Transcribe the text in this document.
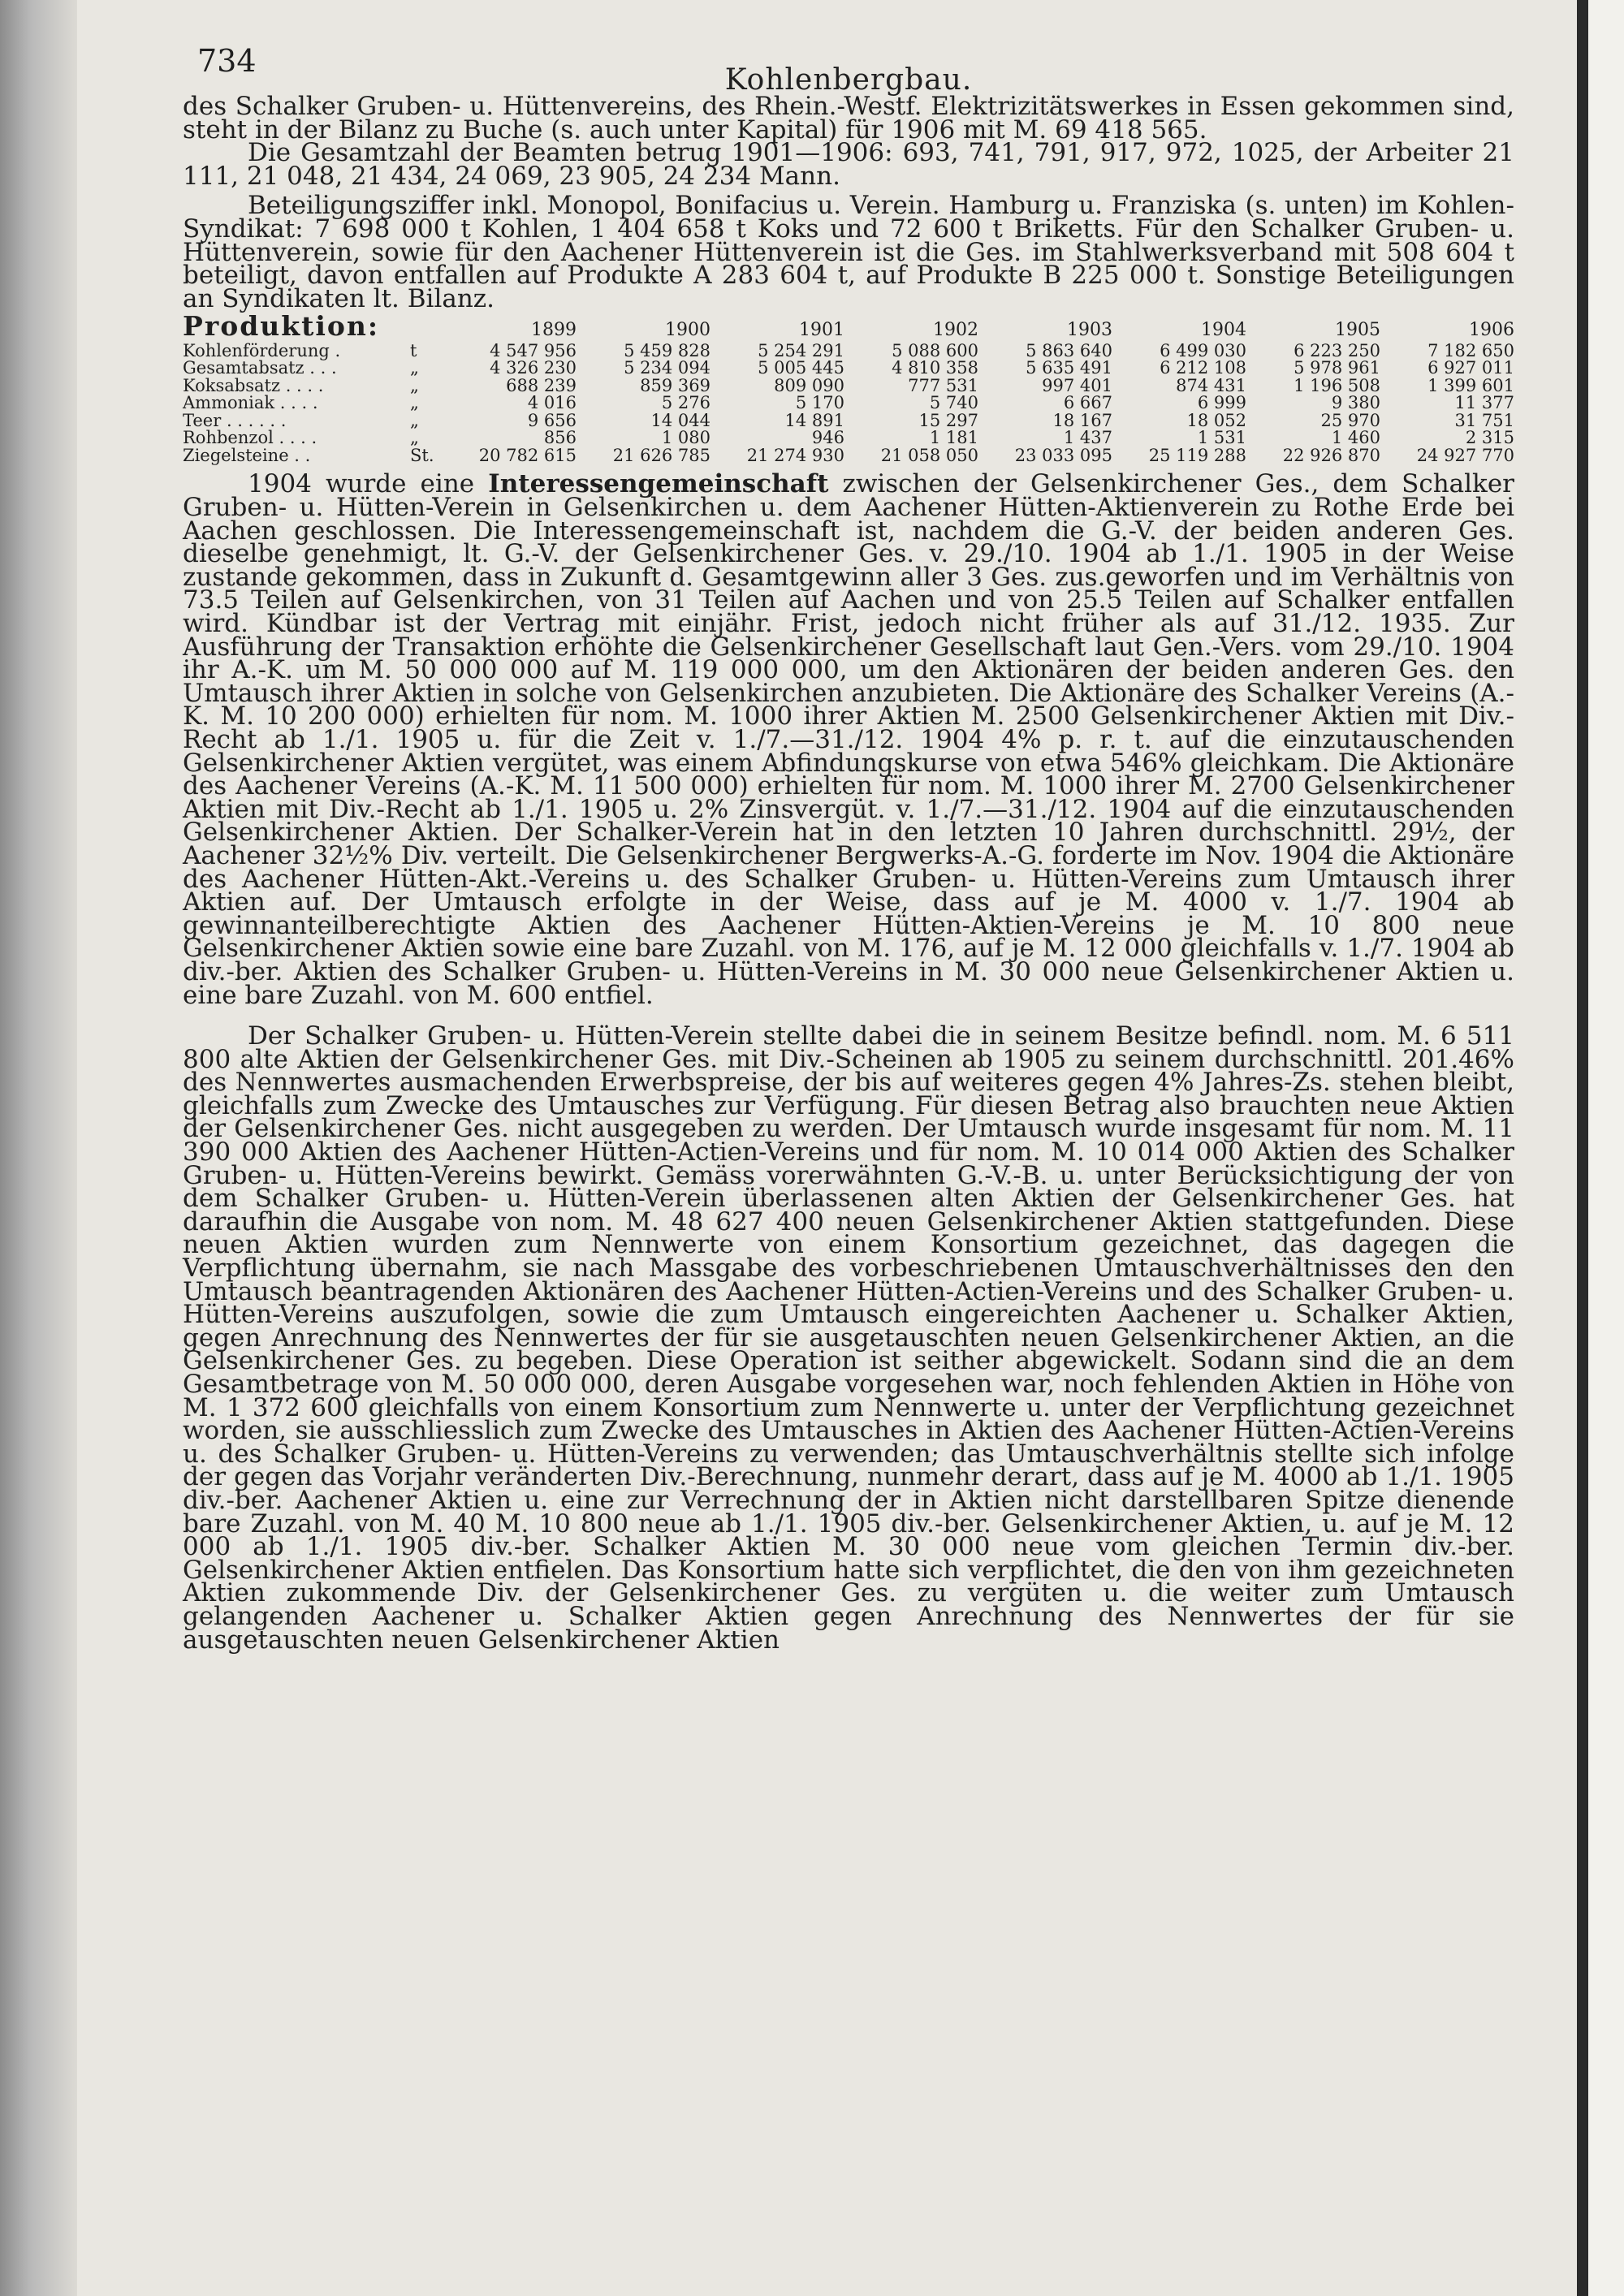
734
Kohlenbergbau.

des Schalker Gruben- u. Hüttenvereins, des Rhein.-Westf. Elektrizitätswerkes in Essen gekommen sind, steht in der Bilanz zu Buche (s. auch unter Kapital) für 1906 mit M. 69 418 565.

Die Gesamtzahl der Beamten betrug 1901—1906: 693, 741, 791, 917, 972, 1025, der Arbeiter 21 111, 21 048, 21 434, 24 069, 23 905, 24 234 Mann.

Beteiligungsziffer inkl. Monopol, Bonifacius u. Verein. Hamburg u. Franziska (s. unten) im Kohlen-Syndikat: 7 698 000 t Kohlen, 1 404 658 t Koks und 72 600 t Briketts. Für den Schalker Gruben- u. Hüttenverein, sowie für den Aachener Hüttenverein ist die Ges. im Stahlwerksverband mit 508 604 t beteiligt, davon entfallen auf Produkte A 283 604 t, auf Produkte B 225 000 t. Sonstige Beteiligungen an Syndikaten lt. Bilanz.

Produktion:	1899	1900	1901	1902	1903	1904	1905	1906
Kohlenförderung .	t	4 547 956	5 459 828	5 254 291	5 088 600	5 863 640	6 499 030	6 223 250	7 182 650
Gesamtabsatz . . .	„	4 326 230	5 234 094	5 005 445	4 810 358	5 635 491	6 212 108	5 978 961	6 927 011
Koksabsatz . . . .	„	688 239	859 369	809 090	777 531	997 401	874 431	1 196 508	1 399 601
Ammoniak . . . .	„	4 016	5 276	5 170	5 740	6 667	6 999	9 380	11 377
Teer . . . . . .	„	9 656	14 044	14 891	15 297	18 167	18 052	25 970	31 751
Rohbenzol . . . .	„	856	1 080	946	1 181	1 437	1 531	1 460	2 315
Ziegelsteine . .	St.	20 782 615	21 626 785	21 274 930	21 058 050	23 033 095	25 119 288	22 926 870	24 927 770

1904 wurde eine Interessengemeinschaft zwischen der Gelsenkirchener Ges., dem Schalker Gruben- u. Hütten-Verein in Gelsenkirchen u. dem Aachener Hütten-Aktienverein zu Rothe Erde bei Aachen geschlossen. Die Interessengemeinschaft ist, nachdem die G.-V. der beiden anderen Ges. dieselbe genehmigt, lt. G.-V. der Gelsenkirchener Ges. v. 29./10. 1904 ab 1./1. 1905 in der Weise zustande gekommen, dass in Zukunft d. Gesamtgewinn aller 3 Ges. zus.geworfen und im Verhältnis von 73.5 Teilen auf Gelsenkirchen, von 31 Teilen auf Aachen und von 25.5 Teilen auf Schalker entfallen wird. Kündbar ist der Vertrag mit einjähr. Frist, jedoch nicht früher als auf 31./12. 1935. Zur Ausführung der Transaktion erhöhte die Gelsenkirchener Gesellschaft laut Gen.-Vers. vom 29./10. 1904 ihr A.-K. um M. 50 000 000 auf M. 119 000 000, um den Aktionären der beiden anderen Ges. den Umtausch ihrer Aktien in solche von Gelsenkirchen anzubieten. Die Aktionäre des Schalker Vereins (A.-K. M. 10 200 000) erhielten für nom. M. 1000 ihrer Aktien M. 2500 Gelsenkirchener Aktien mit Div.-Recht ab 1./1. 1905 u. für die Zeit v. 1./7.—31./12. 1904 4% p. r. t. auf die einzutauschenden Gelsenkirchener Aktien vergütet, was einem Abfindungskurse von etwa 546% gleichkam. Die Aktionäre des Aachener Vereins (A.-K. M. 11 500 000) erhielten für nom. M. 1000 ihrer M. 2700 Gelsenkirchener Aktien mit Div.-Recht ab 1./1. 1905 u. 2% Zinsvergüt. v. 1./7.—31./12. 1904 auf die einzutauschenden Gelsenkirchener Aktien. Der Schalker-Verein hat in den letzten 10 Jahren durchschnittl. 29½, der Aachener 32½% Div. verteilt. Die Gelsenkirchener Bergwerks-A.-G. forderte im Nov. 1904 die Aktionäre des Aachener Hütten-Akt.-Vereins u. des Schalker Gruben- u. Hütten-Vereins zum Umtausch ihrer Aktien auf. Der Umtausch erfolgte in der Weise, dass auf je M. 4000 v. 1./7. 1904 ab gewinnanteilberechtigte Aktien des Aachener Hütten-Aktien-Vereins je M. 10 800 neue Gelsenkirchener Aktien sowie eine bare Zuzahl. von M. 176, auf je M. 12 000 gleichfalls v. 1./7. 1904 ab div.-ber. Aktien des Schalker Gruben- u. Hütten-Vereins in M. 30 000 neue Gelsenkirchener Aktien u. eine bare Zuzahl. von M. 600 entfiel.

Der Schalker Gruben- u. Hütten-Verein stellte dabei die in seinem Besitze befindl. nom. M. 6 511 800 alte Aktien der Gelsenkirchener Ges. mit Div.-Scheinen ab 1905 zu seinem durchschnittl. 201.46% des Nennwertes ausmachenden Erwerbspreise, der bis auf weiteres gegen 4% Jahres-Zs. stehen bleibt, gleichfalls zum Zwecke des Umtausches zur Verfügung. Für diesen Betrag also brauchten neue Aktien der Gelsenkirchener Ges. nicht ausgegeben zu werden. Der Umtausch wurde insgesamt für nom. M. 11 390 000 Aktien des Aachener Hütten-Actien-Vereins und für nom. M. 10 014 000 Aktien des Schalker Gruben- u. Hütten-Vereins bewirkt. Gemäss vorerwähnten G.-V.-B. u. unter Berücksichtigung der von dem Schalker Gruben- u. Hütten-Verein überlassenen alten Aktien der Gelsenkirchener Ges. hat daraufhin die Ausgabe von nom. M. 48 627 400 neuen Gelsenkirchener Aktien stattgefunden. Diese neuen Aktien wurden zum Nennwerte von einem Konsortium gezeichnet, das dagegen die Verpflichtung übernahm, sie nach Massgabe des vorbeschriebenen Umtauschverhältnisses den den Umtausch beantragenden Aktionären des Aachener Hütten-Actien-Vereins und des Schalker Gruben- u. Hütten-Vereins auszufolgen, sowie die zum Umtausch eingereichten Aachener u. Schalker Aktien, gegen Anrechnung des Nennwertes der für sie ausgetauschten neuen Gelsenkirchener Aktien, an die Gelsenkirchener Ges. zu begeben. Diese Operation ist seither abgewickelt. Sodann sind die an dem Gesamtbetrage von M. 50 000 000, deren Ausgabe vorgesehen war, noch fehlenden Aktien in Höhe von M. 1 372 600 gleichfalls von einem Konsortium zum Nennwerte u. unter der Verpflichtung gezeichnet worden, sie ausschliesslich zum Zwecke des Umtausches in Aktien des Aachener Hütten-Actien-Vereins u. des Schalker Gruben- u. Hütten-Vereins zu verwenden; das Umtauschverhältnis stellte sich infolge der gegen das Vorjahr veränderten Div.-Berechnung, nunmehr derart, dass auf je M. 4000 ab 1./1. 1905 div.-ber. Aachener Aktien u. eine zur Verrechnung der in Aktien nicht darstellbaren Spitze dienende bare Zuzahl. von M. 40 M. 10 800 neue ab 1./1. 1905 div.-ber. Gelsenkirchener Aktien, u. auf je M. 12 000 ab 1./1. 1905 div.-ber. Schalker Aktien M. 30 000 neue vom gleichen Termin div.-ber. Gelsenkirchener Aktien entfielen. Das Konsortium hatte sich verpflichtet, die den von ihm gezeichneten Aktien zukommende Div. der Gelsenkirchener Ges. zu vergüten u. die weiter zum Umtausch gelangenden Aachener u. Schalker Aktien gegen Anrechnung des Nennwertes der für sie ausgetauschten neuen Gelsenkirchener Aktien
